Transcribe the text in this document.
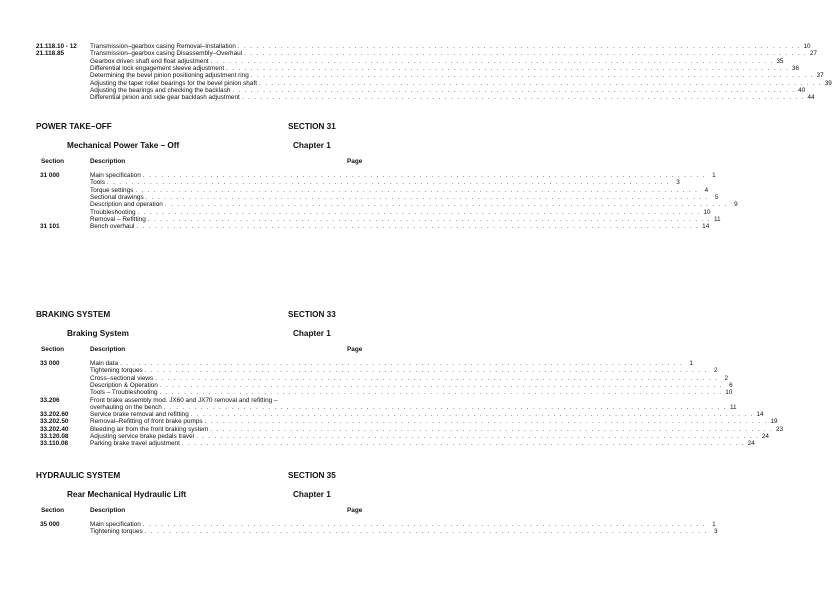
21.118.10 - 12 Transmission–gearbox casing Removal–Installation . . . . . . . . . . . . . . . . . . . . . . . . . . . . . . . . . . . . . . . . . . . . . . . . . . . . . . . . . . . . . . . . . . . . . . . . . . . . . . . . . . . . . . . . . . . . 10
21.118.85	Transmission–gearbox casing Disassembly–Overhaul . . . . . . . . . . . . . . . . . . . . . . . . . . . . . . . . . . . . . . . . . . . . . . . . . . . . . . . . . . . . . . . . . . . . . . . . . . . . . . . . . . . . . . . . . . . . 27
Gearbox driven shaft end float adjustment . . . . . . . . . . . . . . . . . . . . . . . . . . . . . . . . . . . . . . . . . . . . . . . . . . . . . . . . . . . . . . . . . . . . . . . . . . . . . . . . . . . . . . . . . . . . 35
Differential lock engagement sleeve adjustment . . . . . . . . . . . . . . . . . . . . . . . . . . . . . . . . . . . . . . . . . . . . . . . . . . . . . . . . . . . . . . . . . . . . . . . . . . . . . . . . . . . . . . . . . . . . 36
Determining the bevel pinion positioning adjustment ring . . . . . . . . . . . . . . . . . . . . . . . . . . . . . . . . . . . . . . . . . . . . . . . . . . . . . . . . . . . . . . . . . . . . . . . . . . . . . . . . . . . . . . . . . . . . 37
Adjusting the taper roller bearings for the bevel pinion shaft . . . . . . . . . . . . . . . . . . . . . . . . . . . . . . . . . . . . . . . . . . . . . . . . . . . . . . . . . . . . . . . . . . . . . . . . . . . . . . . . . . . . . . . . . . . . 39
Adjusting the bearings and checking the backlash . . . . . . . . . . . . . . . . . . . . . . . . . . . . . . . . . . . . . . . . . . . . . . . . . . . . . . . . . . . . . . . . . . . . . . . . . . . . . . . . . . . . . . . . . . . . 40
Differential pinion and side gear backlash adjustment . . . . . . . . . . . . . . . . . . . . . . . . . . . . . . . . . . . . . . . . . . . . . . . . . . . . . . . . . . . . . . . . . . . . . . . . . . . . . . . . . . . . . . . . . . . . 44
POWER TAKE–OFF	SECTION 31
Mechanical Power Take – Off	Chapter 1
Section	Description	Page
31 000	Main specification . . . . . . . . . . . . . . . . . . . . . . . . . . . . . . . . . . . . . . . . . . . . . . . . . . . . . . . . . . . . . . . . . . . . . . . . . . . . . . . . . . . . . . . . . . . .	1
Tools . . . . . . . . . . . . . . . . . . . . . . . . . . . . . . . . . . . . . . . . . . . . . . . . . . . . . . . . . . . . . . . . . . . . . . . . . . . . . . . . . . . . . . . . . . . .	3
Torque settings . . . . . . . . . . . . . . . . . . . . . . . . . . . . . . . . . . . . . . . . . . . . . . . . . . . . . . . . . . . . . . . . . . . . . . . . . . . . . . . . . . . . . . . . . . . .	4
Sectional drawings . . . . . . . . . . . . . . . . . . . . . . . . . . . . . . . . . . . . . . . . . . . . . . . . . . . . . . . . . . . . . . . . . . . . . . . . . . . . . . . . . . . . . . . . . . . .	5
Description and operation . . . . . . . . . . . . . . . . . . . . . . . . . . . . . . . . . . . . . . . . . . . . . . . . . . . . . . . . . . . . . . . . . . . . . . . . . . . . . . . . . . . . . . . . . . . .	9
Troubleshooting . . . . . . . . . . . . . . . . . . . . . . . . . . . . . . . . . . . . . . . . . . . . . . . . . . . . . . . . . . . . . . . . . . . . . . . . . . . . . . . . . . . . . . . . . . . . 10
Removal – Refitting . . . . . . . . . . . . . . . . . . . . . . . . . . . . . . . . . . . . . . . . . . . . . . . . . . . . . . . . . . . . . . . . . . . . . . . . . . . . . . . . . . . . . . . . . . . . 11
31 101	Bench overhaul . . . . . . . . . . . . . . . . . . . . . . . . . . . . . . . . . . . . . . . . . . . . . . . . . . . . . . . . . . . . . . . . . . . . . . . . . . . . . . . . . . . . . . . . . . . . 14
BRAKING SYSTEM	SECTION 33
Braking System	Chapter 1
Section	Description	Page
33 000	Main data . . . . . . . . . . . . . . . . . . . . . . . . . . . . . . . . . . . . . . . . . . . . . . . . . . . . . . . . . . . . . . . . . . . . . . . . . . . . . . . . . . . . . . . . . . . .	1
Tightening torques . . . . . . . . . . . . . . . . . . . . . . . . . . . . . . . . . . . . . . . . . . . . . . . . . . . . . . . . . . . . . . . . . . . . . . . . . . . . . . . . . . . . . . . . . . . .	2
Cross–sectional views . . . . . . . . . . . . . . . . . . . . . . . . . . . . . . . . . . . . . . . . . . . . . . . . . . . . . . . . . . . . . . . . . . . . . . . . . . . . . . . . . . . . . . . . . . . .	2
Description & Operation . . . . . . . . . . . . . . . . . . . . . . . . . . . . . . . . . . . . . . . . . . . . . . . . . . . . . . . . . . . . . . . . . . . . . . . . . . . . . . . . . . . . . . . . . . . .	6
Tools – Troubleshooting . . . . . . . . . . . . . . . . . . . . . . . . . . . . . . . . . . . . . . . . . . . . . . . . . . . . . . . . . . . . . . . . . . . . . . . . . . . . . . . . . . . . . . . . . . . . 10
33.206	Front brake assembly mod. JX60 and JX70 removal and refitting –
overhauling on the bench . . . . . . . . . . . . . . . . . . . . . . . . . . . . . . . . . . . . . . . . . . . . . . . . . . . . . . . . . . . . . . . . . . . . . . . . . . . . . . . . . . . . . . . . . . . . 11
33.202.60	Service brake removal and refitting . . . . . . . . . . . . . . . . . . . . . . . . . . . . . . . . . . . . . . . . . . . . . . . . . . . . . . . . . . . . . . . . . . . . . . . . . . . . . . . . . . . . . . . . . . . . 14
33.202.50	Removal–Refitting of front brake pumps . . . . . . . . . . . . . . . . . . . . . . . . . . . . . . . . . . . . . . . . . . . . . . . . . . . . . . . . . . . . . . . . . . . . . . . . . . . . . . . . . . . . . . . . . . . . 19
33.202.40	Bleeding air from the front braking system . . . . . . . . . . . . . . . . . . . . . . . . . . . . . . . . . . . . . . . . . . . . . . . . . . . . . . . . . . . . . . . . . . . . . . . . . . . . . . . . . . . . . . . . . . . . 23
33.120.08	Adjusting service brake pedals travel . . . . . . . . . . . . . . . . . . . . . . . . . . . . . . . . . . . . . . . . . . . . . . . . . . . . . . . . . . . . . . . . . . . . . . . . . . . . . . . . . . . . . . . . . . . . 24
33.110.08	Parking brake travel adjustment . . . . . . . . . . . . . . . . . . . . . . . . . . . . . . . . . . . . . . . . . . . . . . . . . . . . . . . . . . . . . . . . . . . . . . . . . . . . . . . . . . . . . . . . . . . . 24
HYDRAULIC SYSTEM	SECTION 35
Rear Mechanical Hydraulic Lift	Chapter 1
Section	Description	Page
35 000	Main specification . . . . . . . . . . . . . . . . . . . . . . . . . . . . . . . . . . . . . . . . . . . . . . . . . . . . . . . . . . . . . . . . . . . . . . . . . . . . . . . . . . . . . . . . . . . .	1
Tightening torques . . . . . . . . . . . . . . . . . . . . . . . . . . . . . . . . . . . . . . . . . . . . . . . . . . . . . . . . . . . . . . . . . . . . . . . . . . . . . . . . . . . . . . . . . . . .	3
